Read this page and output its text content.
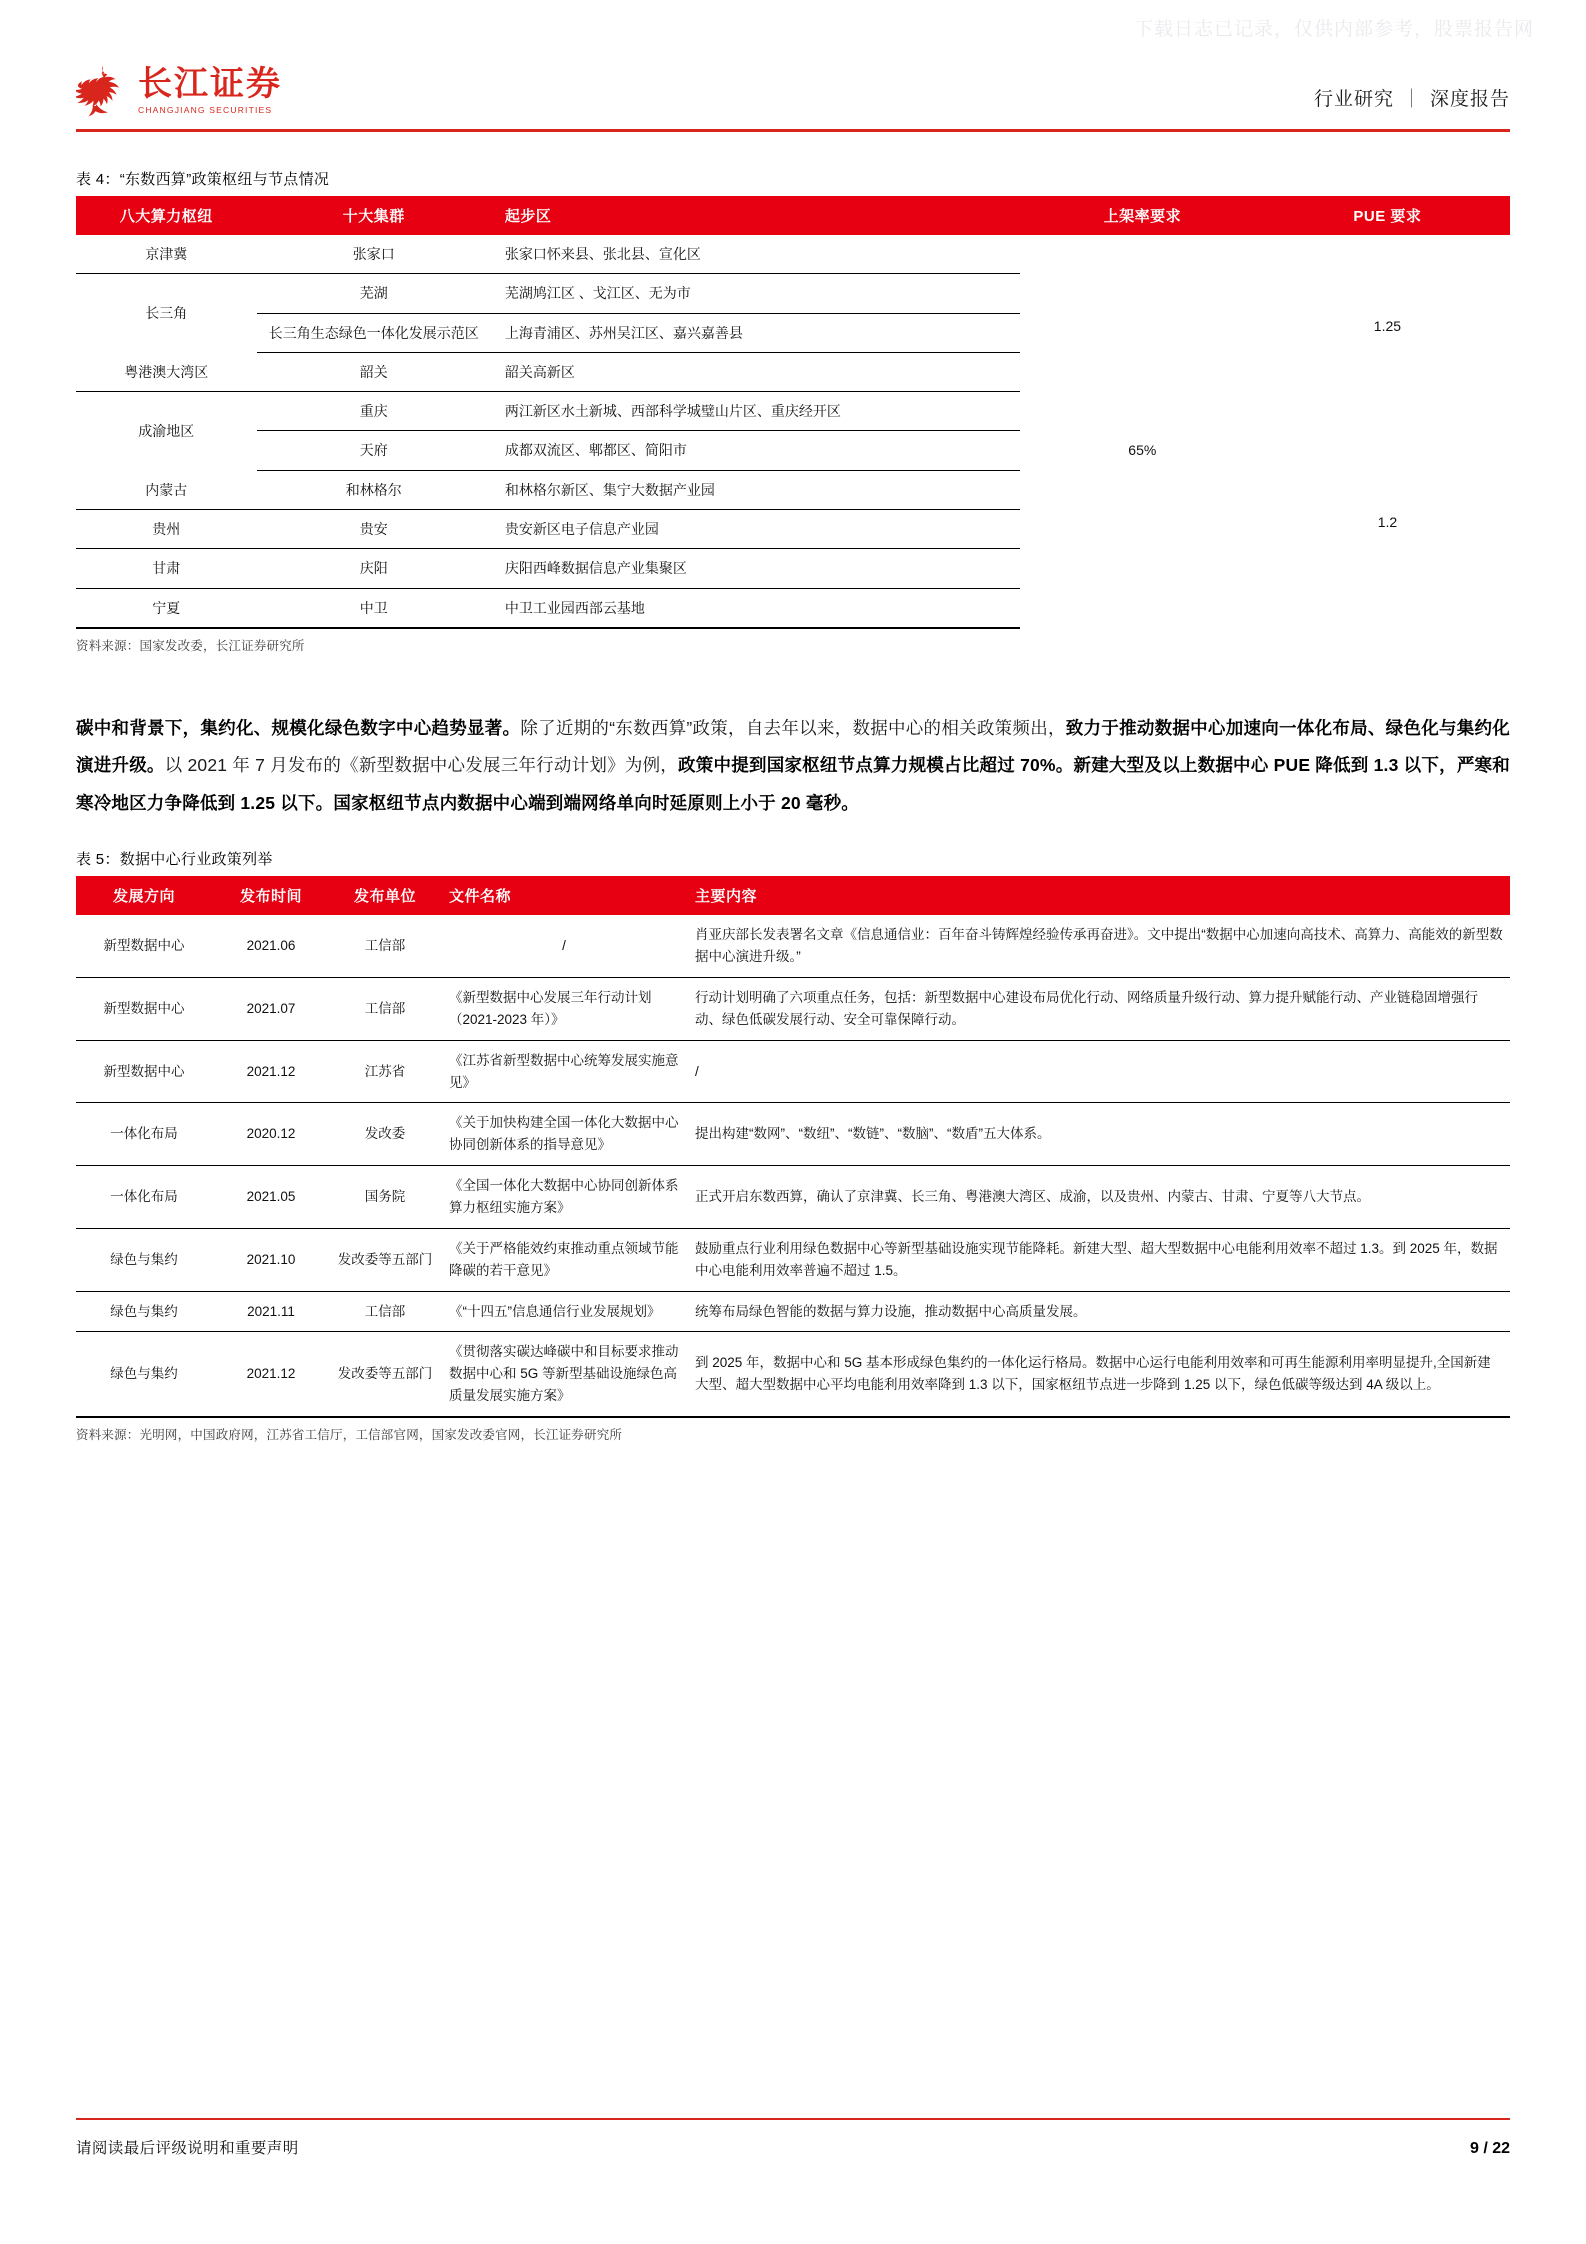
下载日志已记录，仅供内部参考，股票报告网
长江证券
CHANGJIANG SECURITIES
行业研究 ｜ 深度报告
表 4：“东数西算”政策枢纽与节点情况
八大算力枢纽	十大集群	起步区	上架率要求	PUE 要求
京津冀	张家口	张家口怀来县、张北县、宣化区		1.25
长三角	芜湖	芜湖鸠江区 、戈江区、无为市		
	长三角生态绿色一体化发展示范区	上海青浦区、苏州吴江区、嘉兴嘉善县		
粤港澳大湾区	韶关	韶关高新区		
成渝地区	重庆	两江新区水土新城、西部科学城璧山片区、重庆经开区	65%	
	天府	成都双流区、郫都区、简阳市		
内蒙古	和林格尔	和林格尔新区、集宁大数据产业园		
贵州	贵安	贵安新区电子信息产业园		1.2
甘肃	庆阳	庆阳西峰数据信息产业集聚区		
宁夏	中卫	中卫工业园西部云基地		
资料来源：国家发改委，长江证券研究所

碳中和背景下，集约化、规模化绿色数字中心趋势显著。除了近期的“东数西算”政策，自去年以来，数据中心的相关政策频出，致力于推动数据中心加速向一体化布局、绿色化与集约化演进升级。以 2021 年 7 月发布的《新型数据中心发展三年行动计划》为例，政策中提到国家枢纽节点算力规模占比超过 70%。新建大型及以上数据中心 PUE 降低到 1.3 以下，严寒和寒冷地区力争降低到 1.25 以下。国家枢纽节点内数据中心端到端网络单向时延原则上小于 20 毫秒。

表 5：数据中心行业政策列举
发展方向	发布时间	发布单位	文件名称	主要内容
新型数据中心	2021.06	工信部	/	肖亚庆部长发表署名文章《信息通信业：百年奋斗铸辉煌经验传承再奋进》。文中提出“数据中心加速向高技术、高算力、高能效的新型数据中心演进升级。”
新型数据中心	2021.07	工信部	《新型数据中心发展三年行动计划（2021-2023 年）》	行动计划明确了六项重点任务，包括：新型数据中心建设布局优化行动、网络质量升级行动、算力提升赋能行动、产业链稳固增强行动、绿色低碳发展行动、安全可靠保障行动。
新型数据中心	2021.12	江苏省	《江苏省新型数据中心统筹发展实施意见》	/
一体化布局	2020.12	发改委	《关于加快构建全国一体化大数据中心协同创新体系的指导意见》	提出构建“数网”、“数纽”、“数链”、“数脑”、“数盾”五大体系。
一体化布局	2021.05	国务院	《全国一体化大数据中心协同创新体系算力枢纽实施方案》	正式开启东数西算，确认了京津冀、长三角、粤港澳大湾区、成渝，以及贵州、内蒙古、甘肃、宁夏等八大节点。
绿色与集约	2021.10	发改委等五部门	《关于严格能效约束推动重点领域节能降碳的若干意见》	鼓励重点行业利用绿色数据中心等新型基础设施实现节能降耗。新建大型、超大型数据中心电能利用效率不超过 1.3。到 2025 年，数据中心电能利用效率普遍不超过 1.5。
绿色与集约	2021.11	工信部	《“十四五”信息通信行业发展规划》	统筹布局绿色智能的数据与算力设施，推动数据中心高质量发展。
绿色与集约	2021.12	发改委等五部门	《贯彻落实碳达峰碳中和目标要求推动数据中心和 5G 等新型基础设施绿色高质量发展实施方案》	到 2025 年，数据中心和 5G 基本形成绿色集约的一体化运行格局。数据中心运行电能利用效率和可再生能源利用率明显提升,全国新建大型、超大型数据中心平均电能利用效率降到 1.3 以下，国家枢纽节点进一步降到 1.25 以下，绿色低碳等级达到 4A 级以上。
资料来源：光明网，中国政府网，江苏省工信厅，工信部官网，国家发改委官网，长江证券研究所
请阅读最后评级说明和重要声明	9 / 22
